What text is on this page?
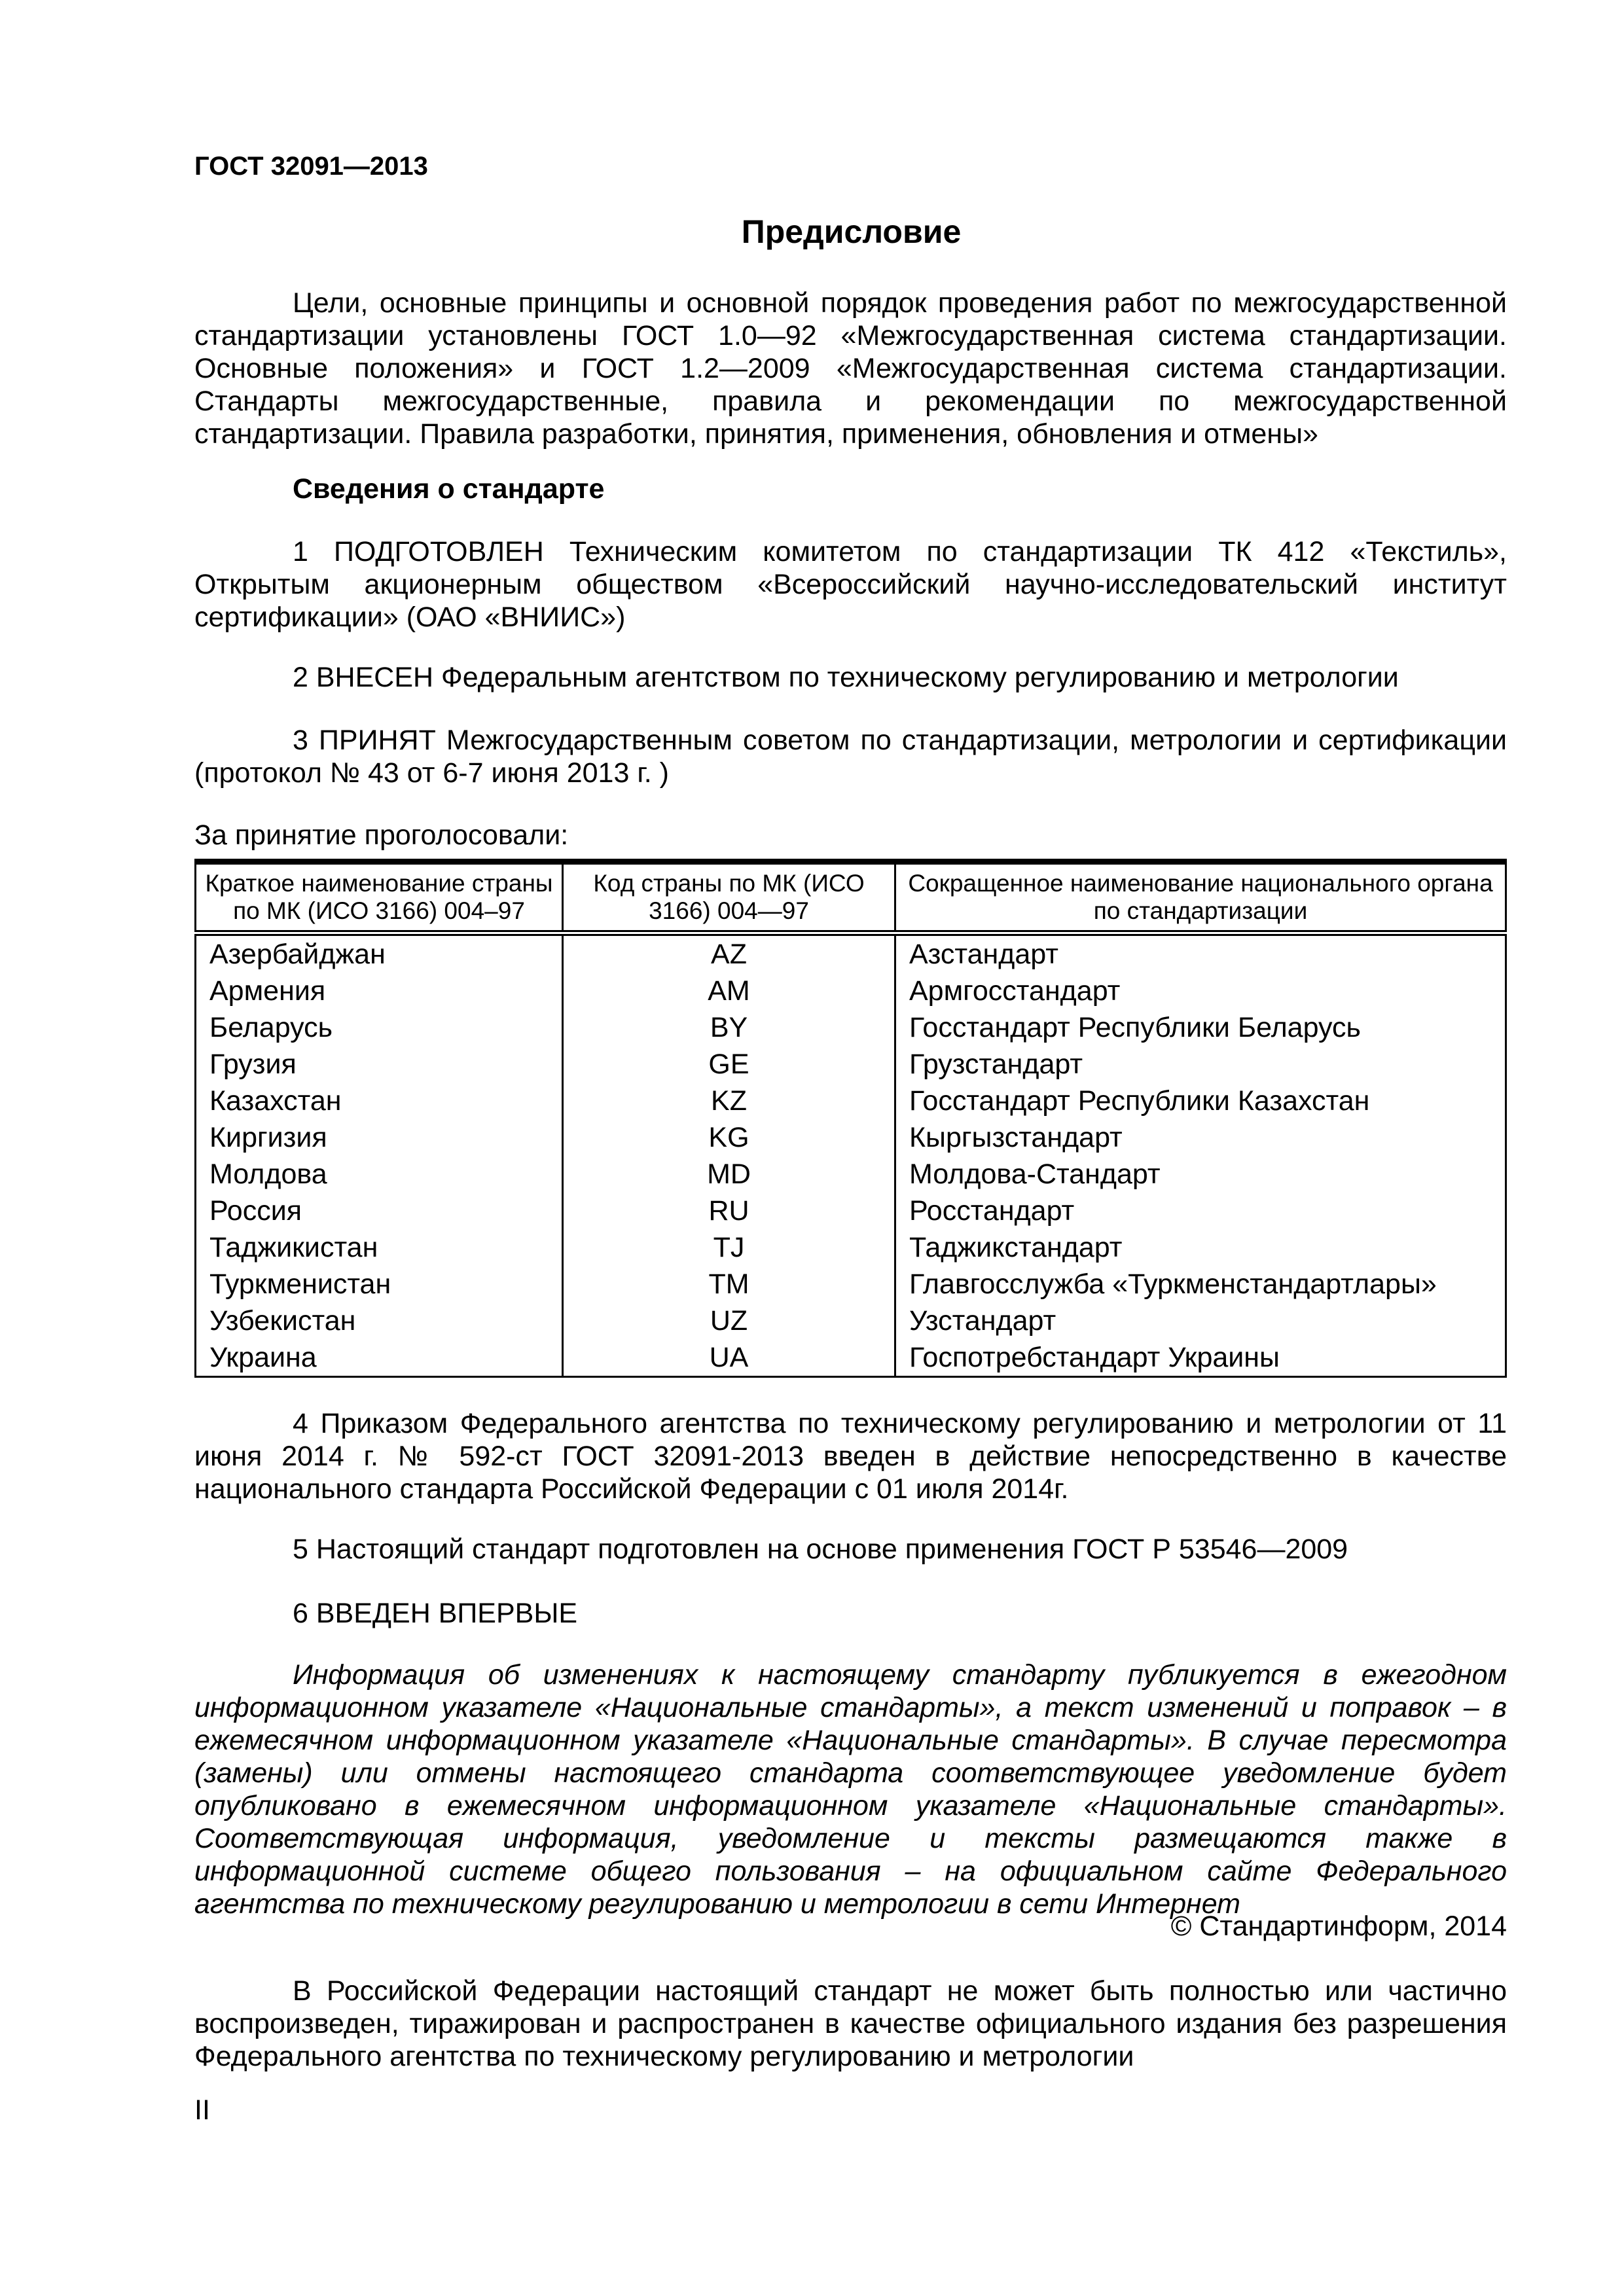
ГОСТ 32091—2013
Предисловие
Цели, основные принципы и основной порядок проведения работ по межгосударственной стандартизации установлены ГОСТ 1.0—92 «Межгосударственная система стандартизации. Основные положения» и ГОСТ 1.2—2009 «Межгосударственная система стандартизации. Стандарты межгосударственные, правила и рекомендации по межгосударственной стандартизации. Правила разработки, принятия, применения, обновления и отмены»
Сведения о стандарте
1 ПОДГОТОВЛЕН Техническим комитетом по стандартизации ТК 412 «Текстиль», Открытым акционерным обществом «Всероссийский научно-исследовательский институт сертификации» (ОАО «ВНИИС»)
2 ВНЕСЕН Федеральным агентством по техническому регулированию и метрологии
3 ПРИНЯТ Межгосударственным советом по стандартизации, метрологии и сертификации (протокол № 43 от 6-7 июня 2013 г. )
За принятие проголосовали:
Краткое наименование страны по МК (ИСО 3166) 004–97	Код страны по МК (ИСО 3166) 004—97	Сокращенное наименование национального органа по стандартизации
Азербайджан	AZ	Азстандарт
Армения	AM	Армгосстандарт
Беларусь	BY	Госстандарт Республики Беларусь
Грузия	GE	Грузстандарт
Казахстан	KZ	Госстандарт Республики Казахстан
Киргизия	KG	Кыргызстандарт
Молдова	MD	Молдова-Стандарт
Россия	RU	Росстандарт
Таджикистан	TJ	Таджикстандарт
Туркменистан	TM	Главгосслужба «Туркменстандартлары»
Узбекистан	UZ	Узстандарт
Украина	UA	Госпотребстандарт Украины
4 Приказом Федерального агентства по техническому регулированию и метрологии от 11 июня 2014 г. № 592-ст ГОСТ 32091-2013 введен в действие непосредственно в качестве национального стандарта Российской Федерации с 01 июля 2014г.
5 Настоящий стандарт подготовлен на основе применения ГОСТ Р 53546—2009
6 ВВЕДЕН ВПЕРВЫЕ
Информация об изменениях к настоящему стандарту публикуется в ежегодном информационном указателе «Национальные стандарты», а текст изменений и поправок – в ежемесячном информационном указателе «Национальные стандарты». В случае пересмотра (замены) или отмены настоящего стандарта соответствующее уведомление будет опубликовано в ежемесячном информационном указателе «Национальные стандарты». Соответствующая информация, уведомление и тексты размещаются также в информационной системе общего пользования – на официальном сайте Федерального агентства по техническому регулированию и метрологии в сети Интернет
© Стандартинформ, 2014
В Российской Федерации настоящий стандарт не может быть полностью или частично воспроизведен, тиражирован и распространен в качестве официального издания без разрешения Федерального агентства по техническому регулированию и метрологии
II
